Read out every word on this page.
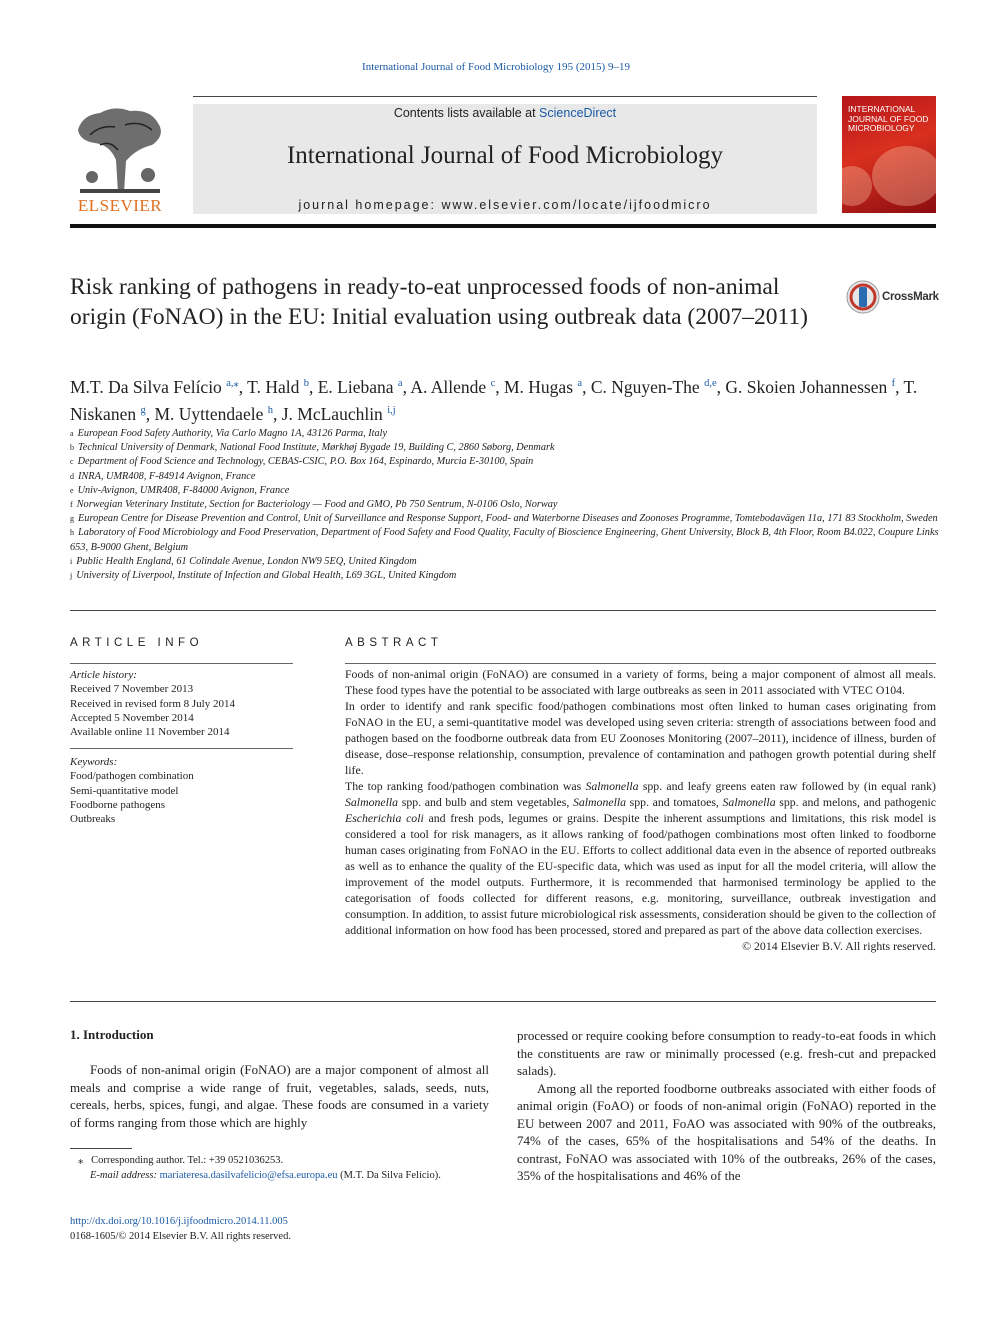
International Journal of Food Microbiology 195 (2015) 9–19
ELSEVIER
Contents lists available at ScienceDirect
International Journal of Food Microbiology
journal homepage: www.elsevier.com/locate/ijfoodmicro
INTERNATIONAL JOURNAL OF FOOD MICROBIOLOGY
Risk ranking of pathogens in ready-to-eat unprocessed foods of non-animal origin (FoNAO) in the EU: Initial evaluation using outbreak data (2007–2011)
CrossMark
M.T. Da Silva Felício $^{a,⁎}$, T. Hald $^b$, E. Liebana $^a$, A. Allende $^c$, M. Hugas $^a$, C. Nguyen-The $^{d,e}$, G. Skoien Johannessen $^f$, T. Niskanen $^g$, M. Uyttendaele $^h$, J. McLauchlin $^{i,j}$
$^a$ European Food Safety Authority, Via Carlo Magno 1A, 43126 Parma, Italy
$^b$ Technical University of Denmark, National Food Institute, Mørkhøj Bygade 19, Building C, 2860 Søborg, Denmark
$^c$ Department of Food Science and Technology, CEBAS-CSIC, P.O. Box 164, Espinardo, Murcia E-30100, Spain
$^d$ INRA, UMR408, F-84914 Avignon, France
$^e$ Univ-Avignon, UMR408, F-84000 Avignon, France
$^f$ Norwegian Veterinary Institute, Section for Bacteriology — Food and GMO, Pb 750 Sentrum, N-0106 Oslo, Norway
$^g$ European Centre for Disease Prevention and Control, Unit of Surveillance and Response Support, Food- and Waterborne Diseases and Zoonoses Programme, Tomtebodavägen 11a, 171 83 Stockholm, Sweden
$^h$ Laboratory of Food Microbiology and Food Preservation, Department of Food Safety and Food Quality, Faculty of Bioscience Engineering, Ghent University, Block B, 4th Floor, Room B4.022, Coupure Links 653, B-9000 Ghent, Belgium
$^i$ Public Health England, 61 Colindale Avenue, London NW9 5EQ, United Kingdom
$^j$ University of Liverpool, Institute of Infection and Global Health, L69 3GL, United Kingdom
ARTICLE INFO
Article history:
Received 7 November 2013
Received in revised form 8 July 2014
Accepted 5 November 2014
Available online 11 November 2014
Keywords:
Food/pathogen combination
Semi-quantitative model
Foodborne pathogens
Outbreaks
ABSTRACT

Foods of non-animal origin (FoNAO) are consumed in a variety of forms, being a major component of almost all meals. These food types have the potential to be associated with large outbreaks as seen in 2011 associated with VTEC O104.

In order to identify and rank specific food/pathogen combinations most often linked to human cases originating from FoNAO in the EU, a semi-quantitative model was developed using seven criteria: strength of associations between food and pathogen based on the foodborne outbreak data from EU Zoonoses Monitoring (2007–2011), incidence of illness, burden of disease, dose–response relationship, consumption, prevalence of contamination and pathogen growth potential during shelf life.

The top ranking food/pathogen combination was Salmonella spp. and leafy greens eaten raw followed by (in equal rank) Salmonella spp. and bulb and stem vegetables, Salmonella spp. and tomatoes, Salmonella spp. and melons, and pathogenic Escherichia coli and fresh pods, legumes or grains. Despite the inherent assumptions and limitations, this risk model is considered a tool for risk managers, as it allows ranking of food/pathogen combinations most often linked to foodborne human cases originating from FoNAO in the EU. Efforts to collect additional data even in the absence of reported outbreaks as well as to enhance the quality of the EU-specific data, which was used as input for all the model criteria, will allow the improvement of the model outputs. Furthermore, it is recommended that harmonised terminology be applied to the categorisation of foods collected for different reasons, e.g. monitoring, surveillance, outbreak investigation and consumption. In addition, to assist future microbiological risk assessments, consideration should be given to the collection of additional information on how food has been processed, stored and prepared as part of the above data collection exercises.

© 2014 Elsevier B.V. All rights reserved.

1. Introduction

Foods of non-animal origin (FoNAO) are a major component of almost all meals and comprise a wide range of fruit, vegetables, salads, seeds, nuts, cereals, herbs, spices, fungi, and algae. These foods are consumed in a variety of forms ranging from those which are highly

processed or require cooking before consumption to ready-to-eat foods in which the constituents are raw or minimally processed (e.g. fresh-cut and prepacked salads).

Among all the reported foodborne outbreaks associated with either foods of animal origin (FoAO) or foods of non-animal origin (FoNAO) reported in the EU between 2007 and 2011, FoAO was associated with 90% of the outbreaks, 74% of the cases, 65% of the hospitalisations and 54% of the deaths. In contrast, FoNAO was associated with 10% of the outbreaks, 26% of the cases, 35% of the hospitalisations and 46% of the

⁎ Corresponding author. Tel.: +39 0521036253.
E-mail address: mariateresa.dasilvafelicio@efsa.europa.eu (M.T. Da Silva Felício).
http://dx.doi.org/10.1016/j.ijfoodmicro.2014.11.005
0168-1605/© 2014 Elsevier B.V. All rights reserved.
